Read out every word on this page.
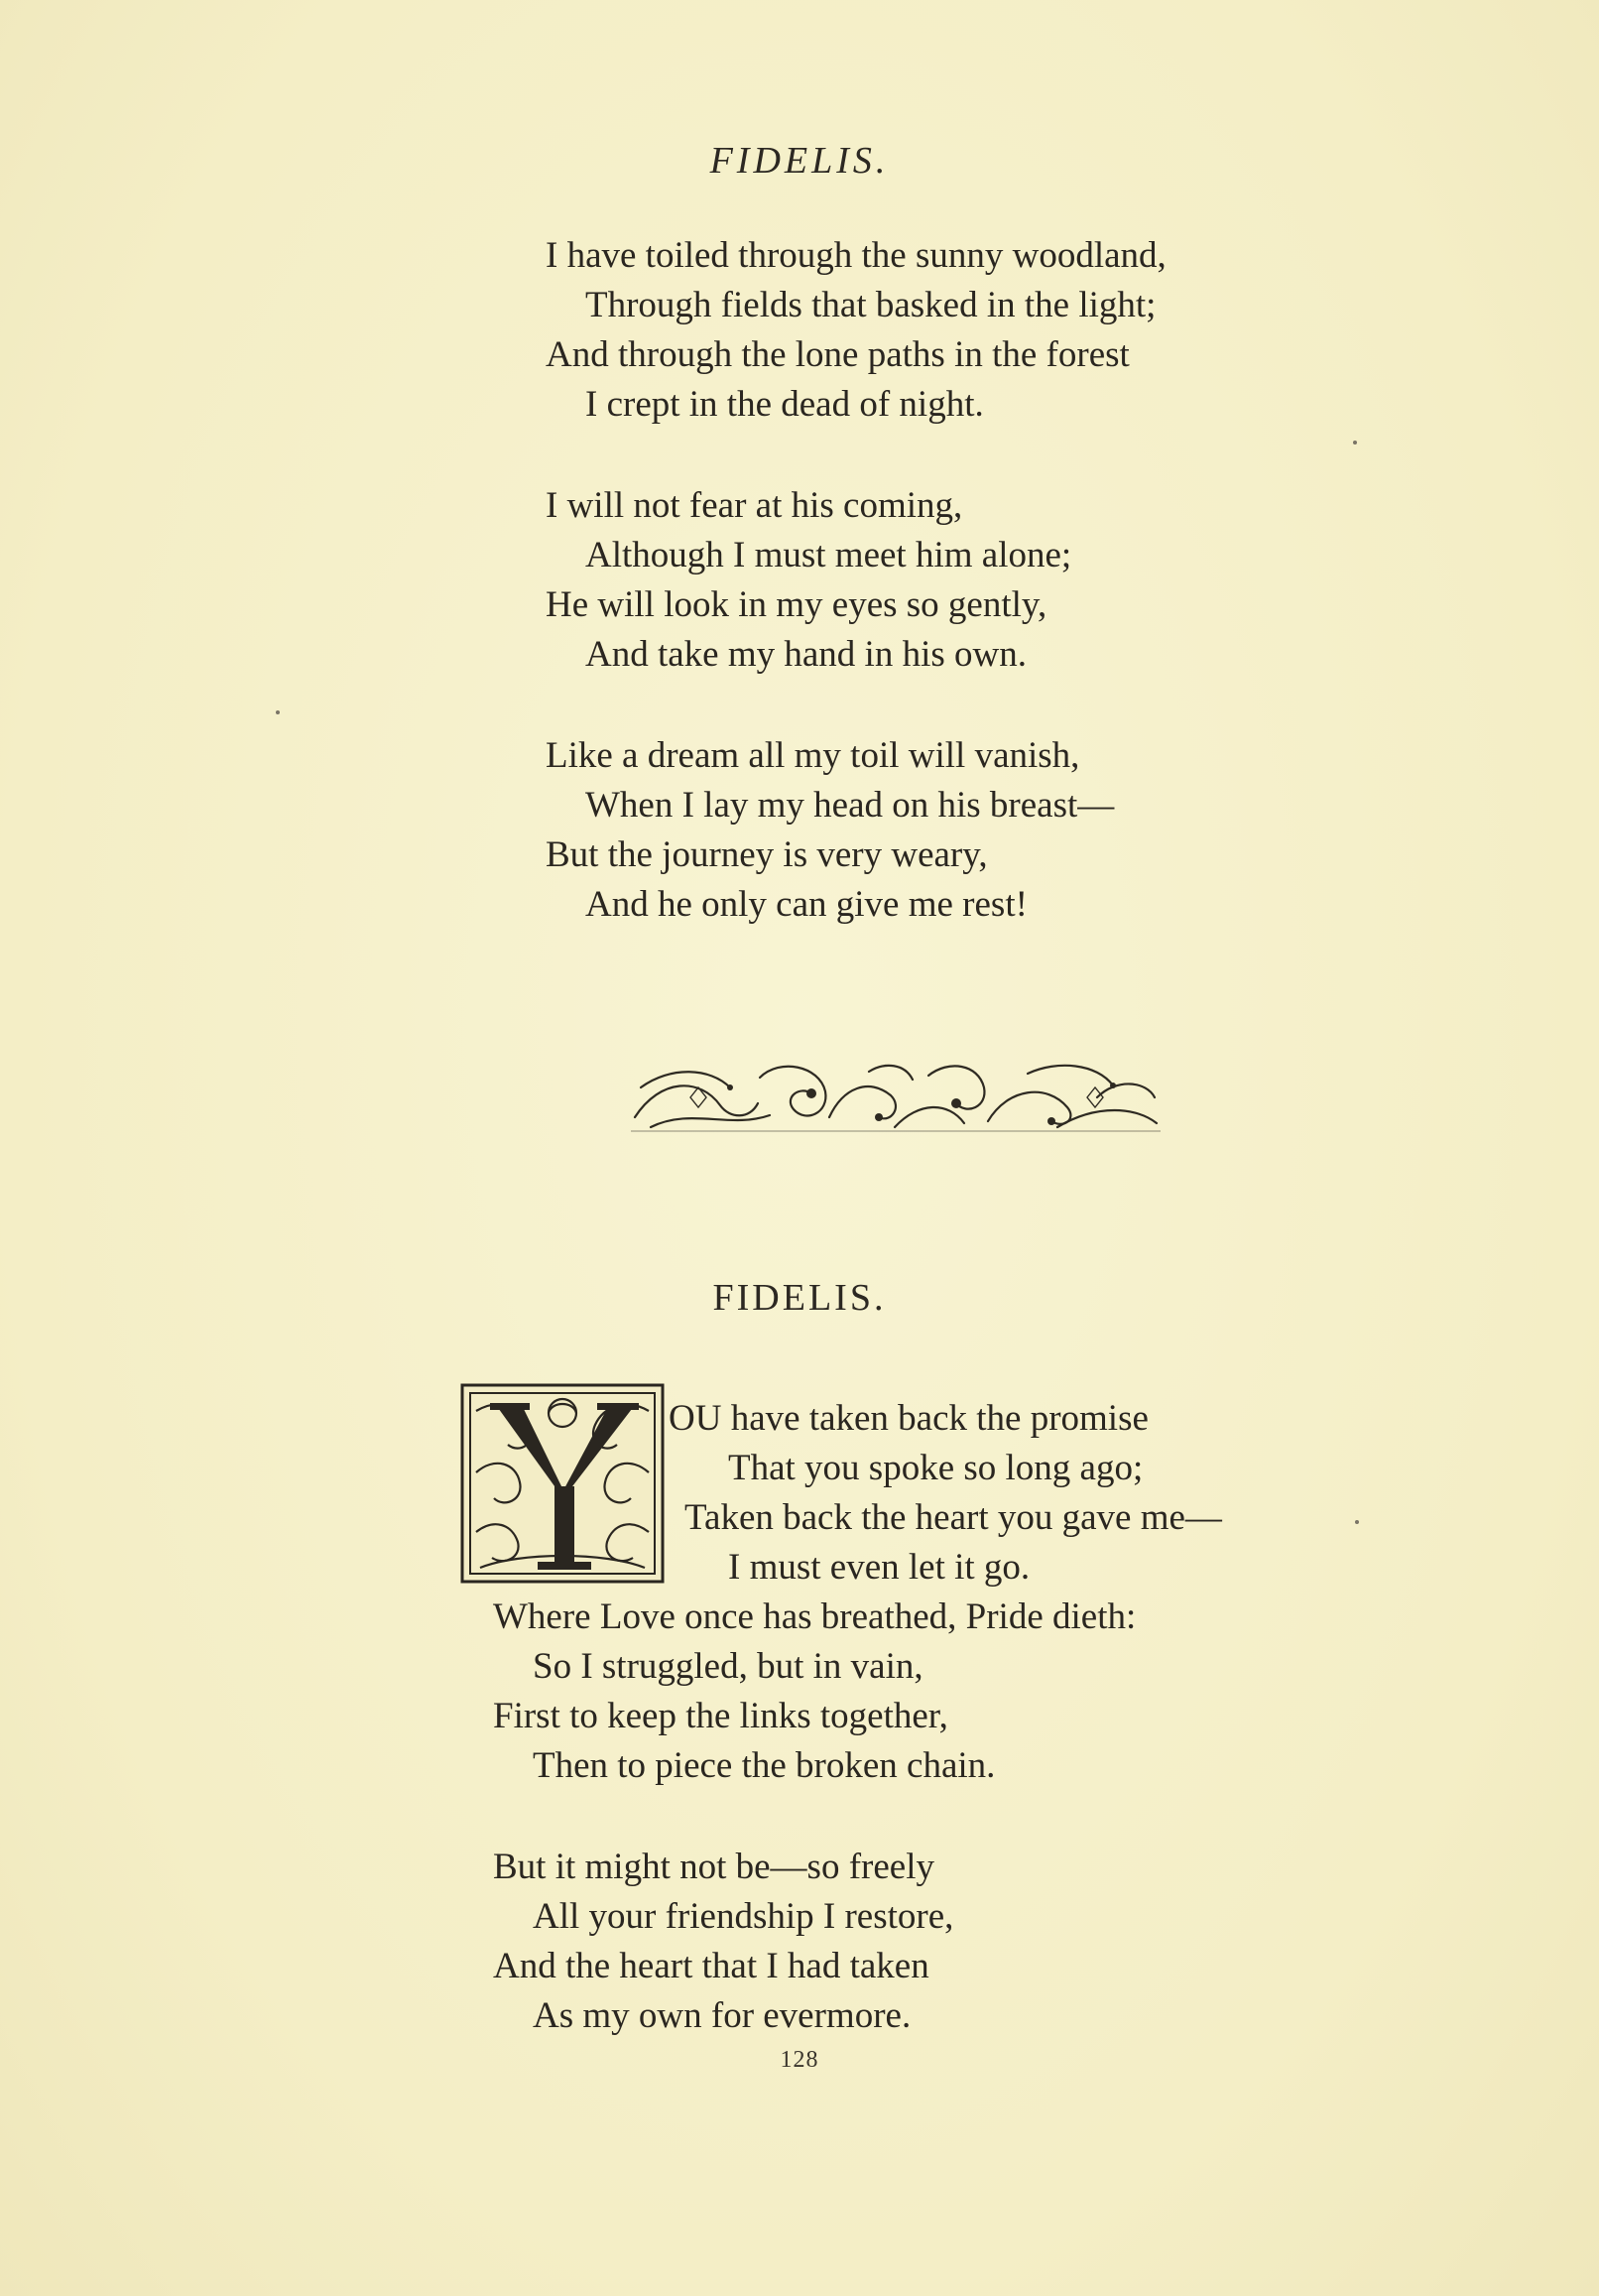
FIDELIS.
I have toiled through the sunny woodland,
Through fields that basked in the light;
And through the lone paths in the forest
I crept in the dead of night.
I will not fear at his coming,
Although I must meet him alone;
He will look in my eyes so gently,
And take my hand in his own.
Like a dream all my toil will vanish,
When I lay my head on his breast—
But the journey is very weary,
And he only can give me rest!
FIDELIS.
OU have taken back the promise
That you spoke so long ago;
Taken back the heart you gave me—
I must even let it go.
Where Love once has breathed, Pride dieth:
So I struggled, but in vain,
First to keep the links together,
Then to piece the broken chain.
But it might not be—so freely
All your friendship I restore,
And the heart that I had taken
As my own for evermore.
128
